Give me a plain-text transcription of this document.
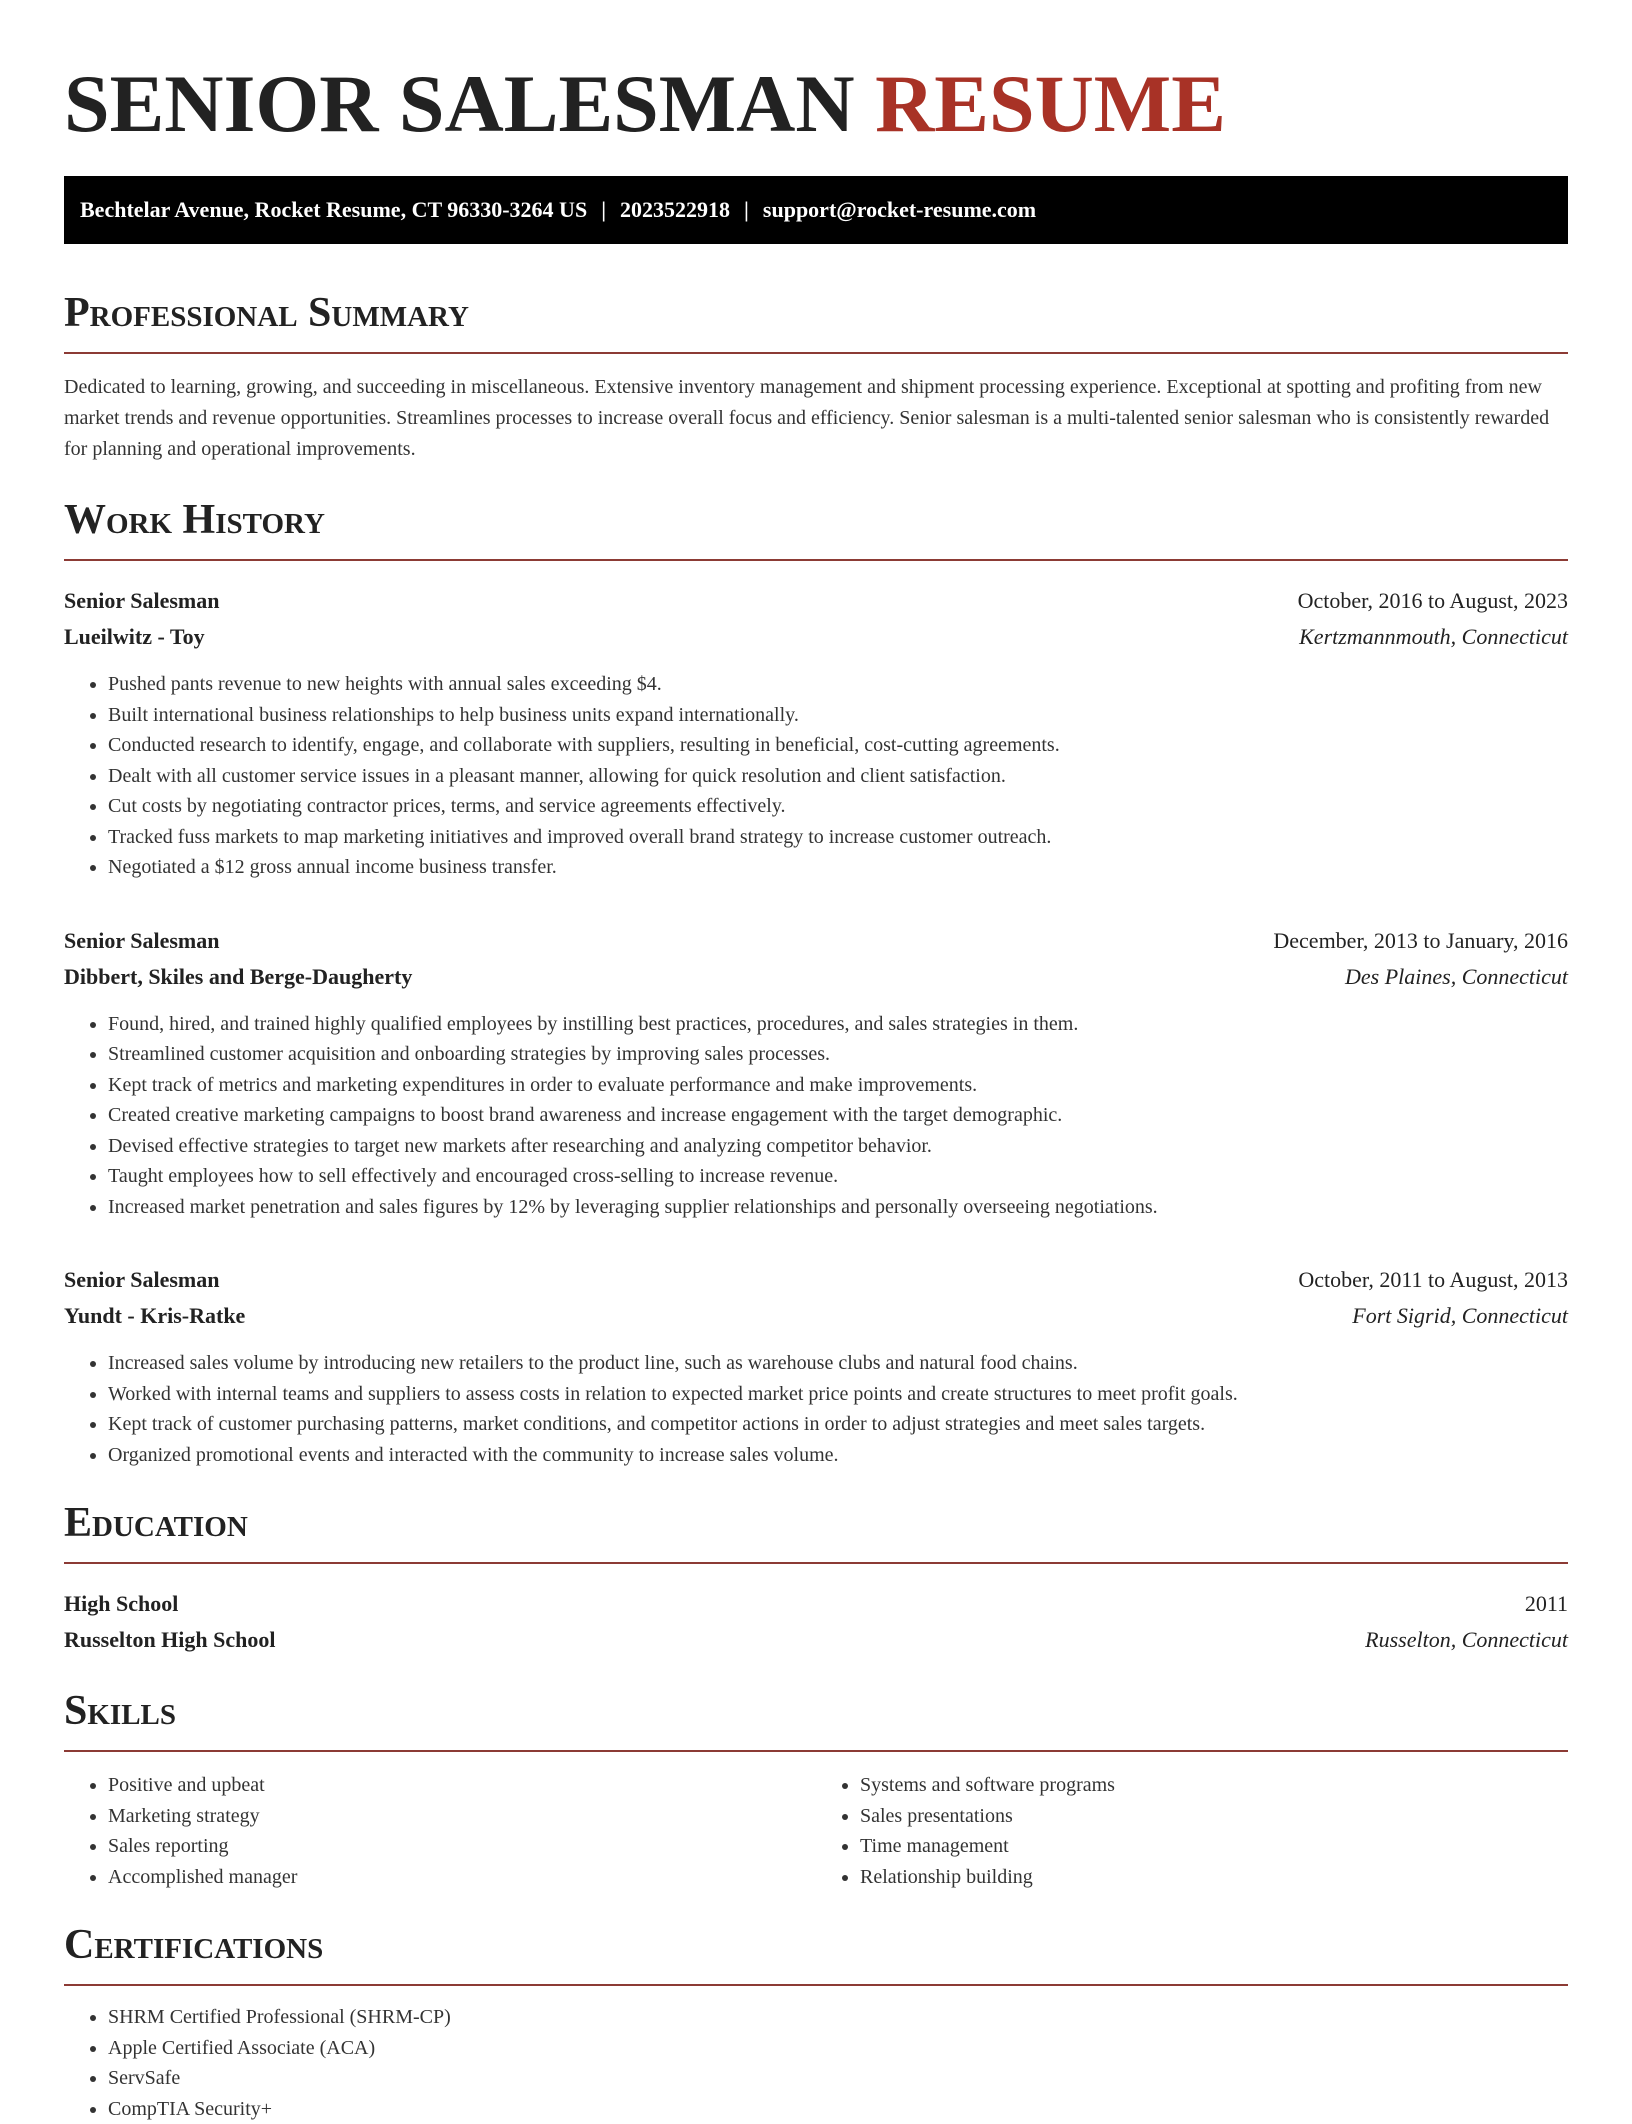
SENIOR SALESMAN RESUME
Bechtelar Avenue, Rocket Resume, CT 96330-3264 US | 2023522918 | support@rocket-resume.com
Professional Summary

Dedicated to learning, growing, and succeeding in miscellaneous. Extensive inventory management and shipment processing experience. Exceptional at spotting and profiting from new market trends and revenue opportunities. Streamlines processes to increase overall focus and efficiency. Senior salesman is a multi-talented senior salesman who is consistently rewarded for planning and operational improvements.

Work History
Senior Salesman	October, 2016 to August, 2023
Lueilwitz - Toy	Kertzmannmouth, Connecticut
• Pushed pants revenue to new heights with annual sales exceeding $4.
• Built international business relationships to help business units expand internationally.
• Conducted research to identify, engage, and collaborate with suppliers, resulting in beneficial, cost-cutting agreements.
• Dealt with all customer service issues in a pleasant manner, allowing for quick resolution and client satisfaction.
• Cut costs by negotiating contractor prices, terms, and service agreements effectively.
• Tracked fuss markets to map marketing initiatives and improved overall brand strategy to increase customer outreach.
• Negotiated a $12 gross annual income business transfer.
Senior Salesman	December, 2013 to January, 2016
Dibbert, Skiles and Berge-Daugherty	Des Plaines, Connecticut
• Found, hired, and trained highly qualified employees by instilling best practices, procedures, and sales strategies in them.
• Streamlined customer acquisition and onboarding strategies by improving sales processes.
• Kept track of metrics and marketing expenditures in order to evaluate performance and make improvements.
• Created creative marketing campaigns to boost brand awareness and increase engagement with the target demographic.
• Devised effective strategies to target new markets after researching and analyzing competitor behavior.
• Taught employees how to sell effectively and encouraged cross-selling to increase revenue.
• Increased market penetration and sales figures by 12% by leveraging supplier relationships and personally overseeing negotiations.
Senior Salesman	October, 2011 to August, 2013
Yundt - Kris-Ratke	Fort Sigrid, Connecticut
• Increased sales volume by introducing new retailers to the product line, such as warehouse clubs and natural food chains.
• Worked with internal teams and suppliers to assess costs in relation to expected market price points and create structures to meet profit goals.
• Kept track of customer purchasing patterns, market conditions, and competitor actions in order to adjust strategies and meet sales targets.
• Organized promotional events and interacted with the community to increase sales volume.
Education
High School	2011
Russelton High School	Russelton, Connecticut
Skills
• Positive and upbeat
• Marketing strategy
• Sales reporting
• Accomplished manager
• Systems and software programs
• Sales presentations
• Time management
• Relationship building
Certifications
• SHRM Certified Professional (SHRM-CP)
• Apple Certified Associate (ACA)
• ServSafe
• CompTIA Security+
